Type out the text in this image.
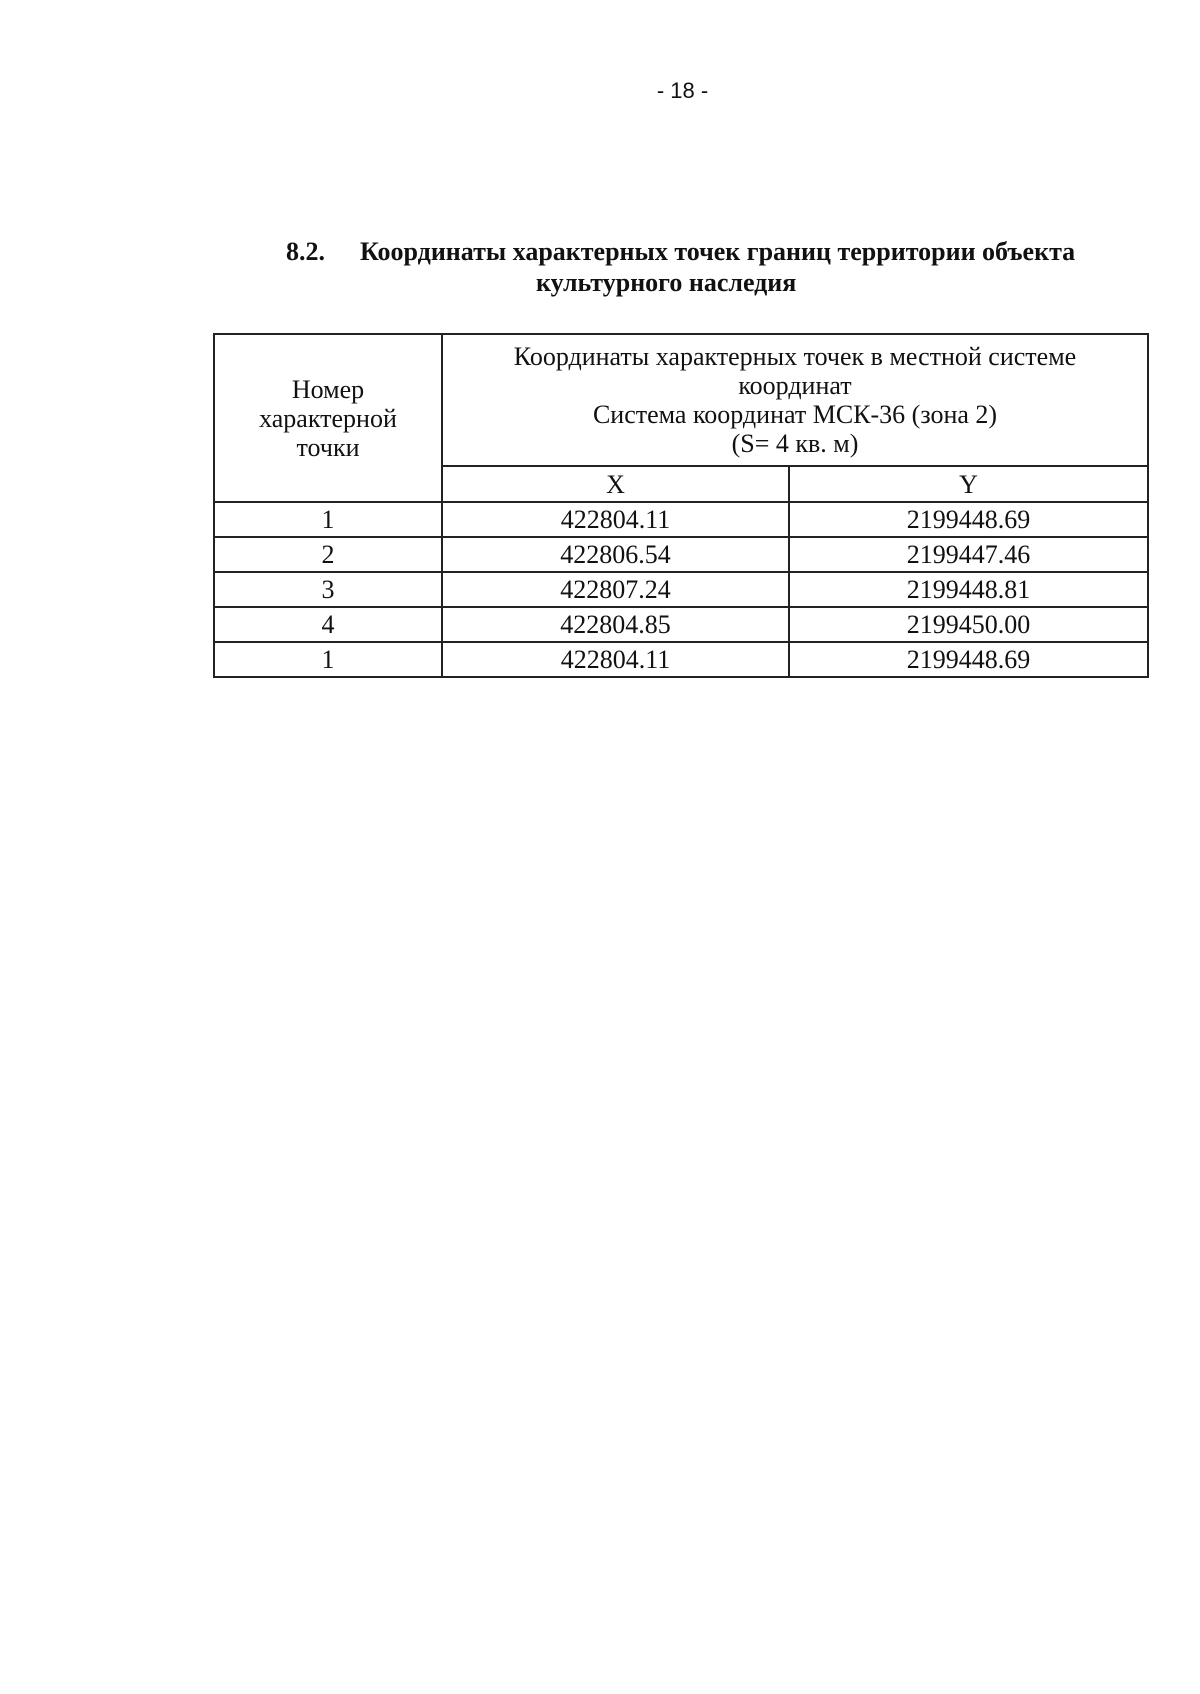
- 18 -
8.2. Координаты характерных точек границ территории объекта
культурного наследия
Номер
характерной
точки	Координаты характерных точек в местной системе
координат
Система координат МСК-36 (зона 2)
(S= 4 кв. м)	

	X	Y
1	422804.11	2199448.69
2	422806.54	2199447.46
3	422807.24	2199448.81
4	422804.85	2199450.00
1	422804.11	2199448.69
